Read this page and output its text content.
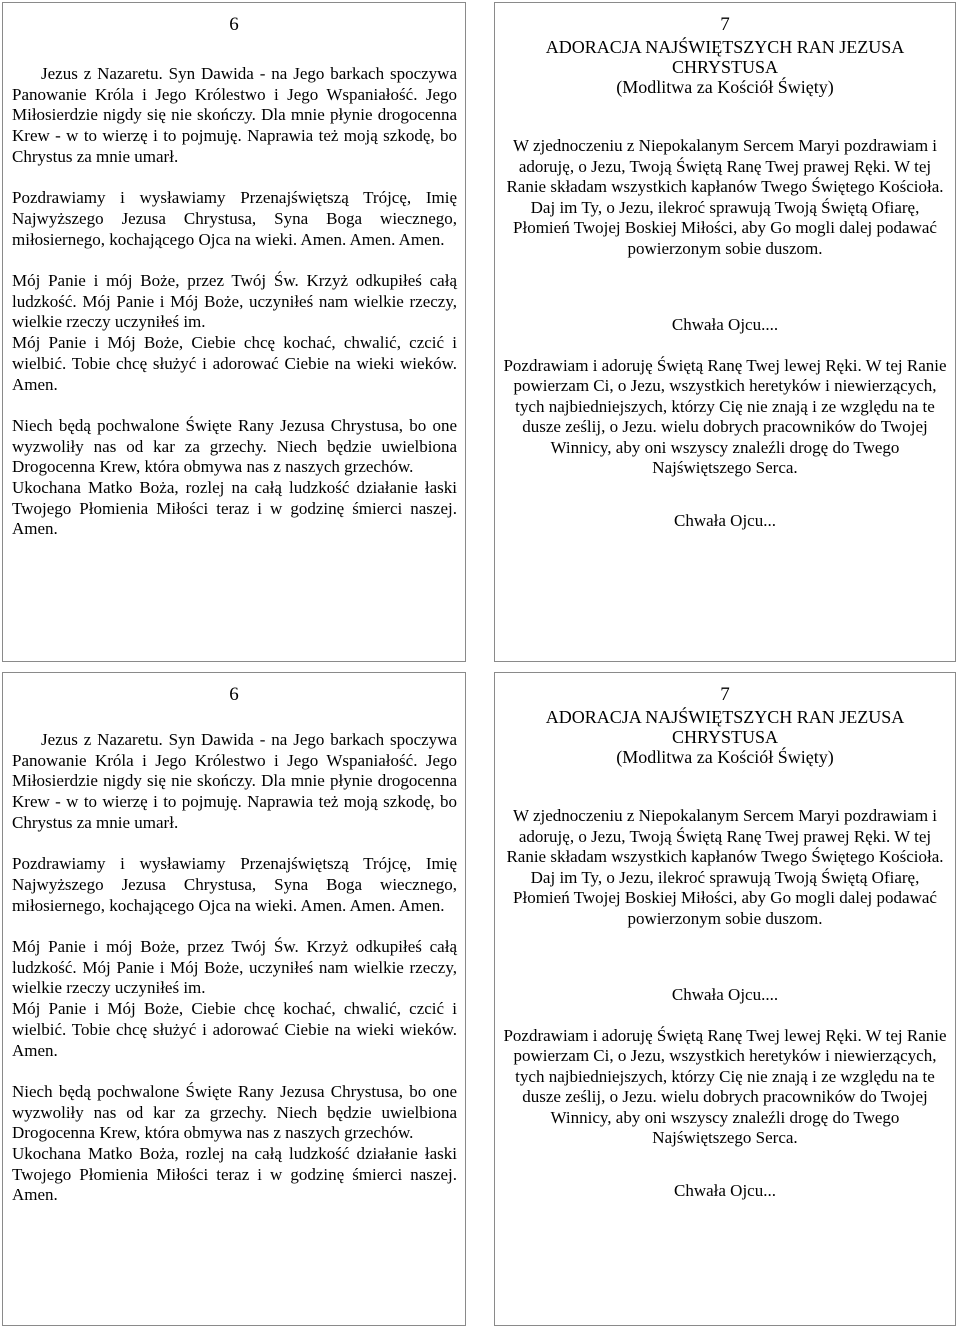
6

Jezus z Nazaretu. Syn Dawida - na Jego barkach spoczywa Panowanie Króla i Jego Królestwo i Jego Wspaniałość. Jego Miłosierdzie nigdy się nie skończy. Dla mnie płynie drogocenna Krew - w to wierzę i to pojmuję. Naprawia też moją szkodę, bo Chrystus za mnie umarł.

Pozdrawiamy i wysławiamy Przenajświętszą Trójcę, Imię Najwyższego Jezusa Chrystusa, Syna Boga wiecznego, miłosiernego, kochającego Ojca na wieki. Amen. Amen. Amen.

Mój Panie i mój Boże, przez Twój Św. Krzyż odkupiłeś całą ludzkość. Mój Panie i Mój Boże, uczyniłeś nam wielkie rzeczy, wielkie rzeczy uczyniłeś im.

Mój Panie i Mój Boże, Ciebie chcę kochać, chwalić, czcić i wielbić. Tobie chcę służyć i adorować Ciebie na wieki wieków. Amen.

Niech będą pochwalone Święte Rany Jezusa Chrystusa, bo one wyzwoliły nas od kar za grzechy. Niech będzie uwielbiona Drogocenna Krew, która obmywa nas z naszych grzechów.

Ukochana Matko Boża, rozlej na całą ludzkość działanie łaski Twojego Płomienia Miłości teraz i w godzinę śmierci naszej. Amen.

7
ADORACJA NAJŚWIĘTSZYCH RAN JEZUSA
CHRYSTUSA
(Modlitwa za Kościół Święty)

W zjednoczeniu z Niepokalanym Sercem Maryi pozdrawiam i adoruję, o Jezu, Twoją Świętą Ranę Twej prawej Ręki. W tej Ranie składam wszystkich kapłanów Twego Świętego Kościoła. Daj im Ty, o Jezu, ilekroć sprawują Twoją Świętą Ofiarę, Płomień Twojej Boskiej Miłości, aby Go mogli dalej podawać powierzonym sobie duszom.

Chwała Ojcu....

Pozdrawiam i adoruję Świętą Ranę Twej lewej Ręki. W tej Ranie powierzam Ci, o Jezu, wszystkich heretyków i niewierzących, tych najbiedniejszych, którzy Cię nie znają i ze względu na te dusze ześlij, o Jezu. wielu dobrych pracowników do Twojej Winnicy, aby oni wszyscy znaleźli drogę do Twego Najświętszego Serca.

Chwała Ojcu...

6

Jezus z Nazaretu. Syn Dawida - na Jego barkach spoczywa Panowanie Króla i Jego Królestwo i Jego Wspaniałość. Jego Miłosierdzie nigdy się nie skończy. Dla mnie płynie drogocenna Krew - w to wierzę i to pojmuję. Naprawia też moją szkodę, bo Chrystus za mnie umarł.

Pozdrawiamy i wysławiamy Przenajświętszą Trójcę, Imię Najwyższego Jezusa Chrystusa, Syna Boga wiecznego, miłosiernego, kochającego Ojca na wieki. Amen. Amen. Amen.

Mój Panie i mój Boże, przez Twój Św. Krzyż odkupiłeś całą ludzkość. Mój Panie i Mój Boże, uczyniłeś nam wielkie rzeczy, wielkie rzeczy uczyniłeś im.

Mój Panie i Mój Boże, Ciebie chcę kochać, chwalić, czcić i wielbić. Tobie chcę służyć i adorować Ciebie na wieki wieków. Amen.

Niech będą pochwalone Święte Rany Jezusa Chrystusa, bo one wyzwoliły nas od kar za grzechy. Niech będzie uwielbiona Drogocenna Krew, która obmywa nas z naszych grzechów.

Ukochana Matko Boża, rozlej na całą ludzkość działanie łaski Twojego Płomienia Miłości teraz i w godzinę śmierci naszej. Amen.

7
ADORACJA NAJŚWIĘTSZYCH RAN JEZUSA
CHRYSTUSA
(Modlitwa za Kościół Święty)

W zjednoczeniu z Niepokalanym Sercem Maryi pozdrawiam i adoruję, o Jezu, Twoją Świętą Ranę Twej prawej Ręki. W tej Ranie składam wszystkich kapłanów Twego Świętego Kościoła. Daj im Ty, o Jezu, ilekroć sprawują Twoją Świętą Ofiarę, Płomień Twojej Boskiej Miłości, aby Go mogli dalej podawać powierzonym sobie duszom.

Chwała Ojcu....

Pozdrawiam i adoruję Świętą Ranę Twej lewej Ręki. W tej Ranie powierzam Ci, o Jezu, wszystkich heretyków i niewierzących, tych najbiedniejszych, którzy Cię nie znają i ze względu na te dusze ześlij, o Jezu. wielu dobrych pracowników do Twojej Winnicy, aby oni wszyscy znaleźli drogę do Twego Najświętszego Serca.

Chwała Ojcu...
